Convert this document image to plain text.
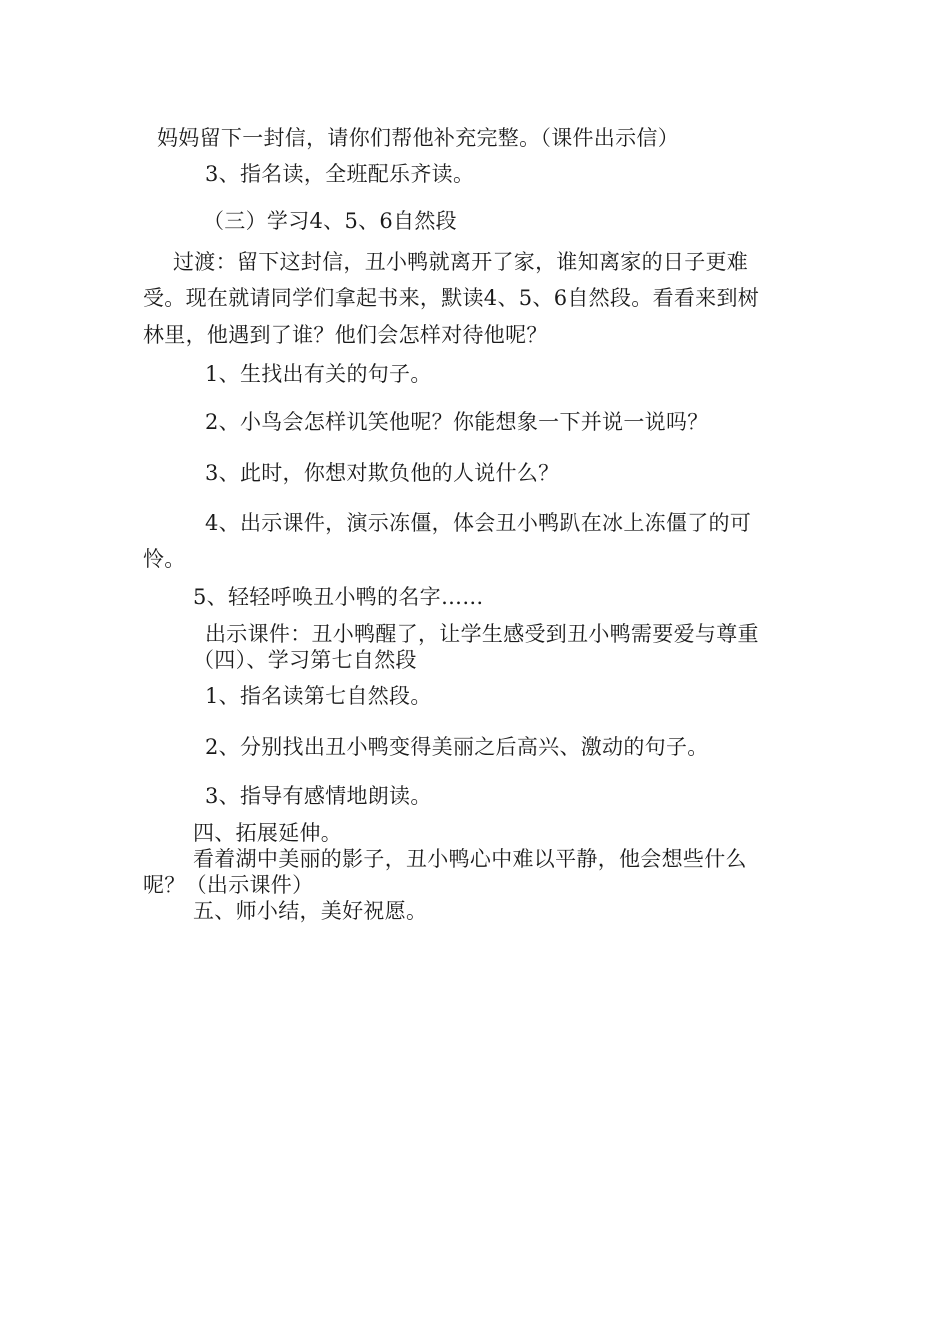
妈妈留下一封信，请你们帮他补充完整。（课件出示信）
3、指名读，全班配乐齐读。
（三）学习4、5、6自然段
过渡：留下这封信，丑小鸭就离开了家，谁知离家的日子更难
受。现在就请同学们拿起书来，默读4、5、6自然段。看看来到树
林里，他遇到了谁？他们会怎样对待他呢？
1、生找出有关的句子。
2、小鸟会怎样讥笑他呢？你能想象一下并说一说吗？
3、此时，你想对欺负他的人说什么？
4、出示课件，演示冻僵，体会丑小鸭趴在冰上冻僵了的可
怜。
5、轻轻呼唤丑小鸭的名字……
出示课件：丑小鸭醒了，让学生感受到丑小鸭需要爱与尊重
（四）、学习第七自然段
1、指名读第七自然段。
2、分别找出丑小鸭变得美丽之后高兴、激动的句子。
3、指导有感情地朗读。
四、拓展延伸。
看着湖中美丽的影子，丑小鸭心中难以平静，他会想些什么
呢？（出示课件）
五、师小结，美好祝愿。
